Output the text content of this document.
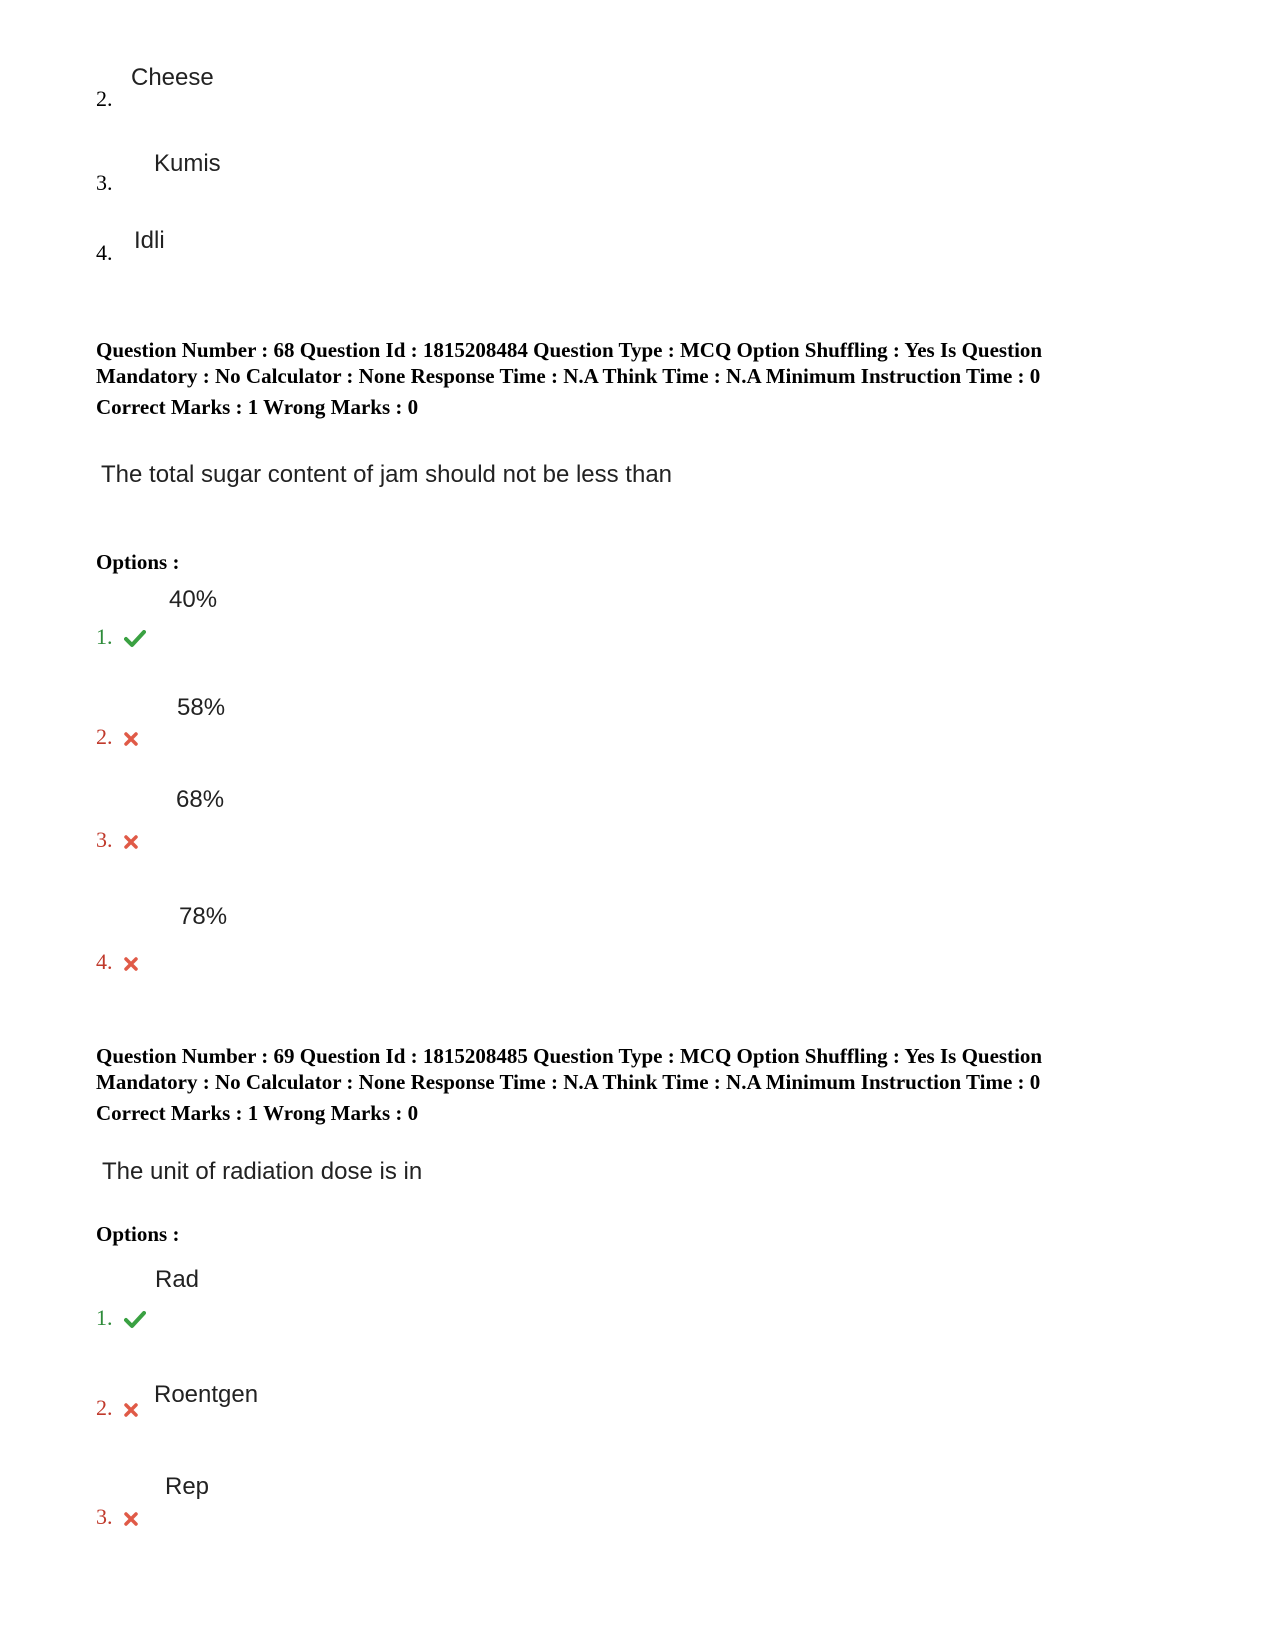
2.
Cheese
3.
Kumis
4. Idli
Question Number : 68 Question Id : 1815208484 Question Type : MCQ Option Shuffling : Yes Is Question
Mandatory : No Calculator : None Response Time : N.A Think Time : N.A Minimum Instruction Time : 0
Correct Marks : 1 Wrong Marks : 0
The total sugar content of jam should not be less than
Options :
40%
1.
58%
2.
68%
3.
78%
4.
Question Number : 69 Question Id : 1815208485 Question Type : MCQ Option Shuffling : Yes Is Question
Mandatory : No Calculator : None Response Time : N.A Think Time : N.A Minimum Instruction Time : 0
Correct Marks : 1 Wrong Marks : 0
The unit of radiation dose is in
Options :
Rad
1.
Roentgen
2.
Rep
3.
